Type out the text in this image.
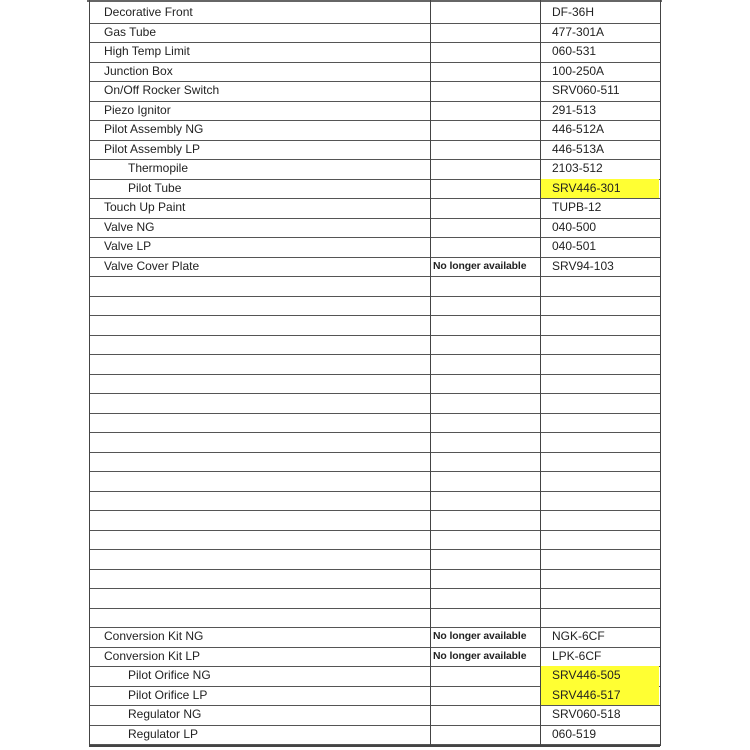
Decorative Front	DF-36H
Gas Tube	477-301A
High Temp Limit	060-531
Junction Box	100-250A
On/Off Rocker Switch	SRV060-511
Piezo Ignitor	291-513
Pilot Assembly NG	446-512A
Pilot Assembly LP	446-513A
Thermopile	2103-512
Pilot Tube	SRV446-301
Touch Up Paint	TUPB-12
Valve NG	040-500
Valve LP	040-501
Valve Cover Plate	No longer available	SRV94-103
Conversion Kit NG	No longer available	NGK-6CF
Conversion Kit LP	No longer available	LPK-6CF
Pilot Orifice NG	SRV446-505
Pilot Orifice LP	SRV446-517
Regulator NG	SRV060-518
Regulator LP	060-519
